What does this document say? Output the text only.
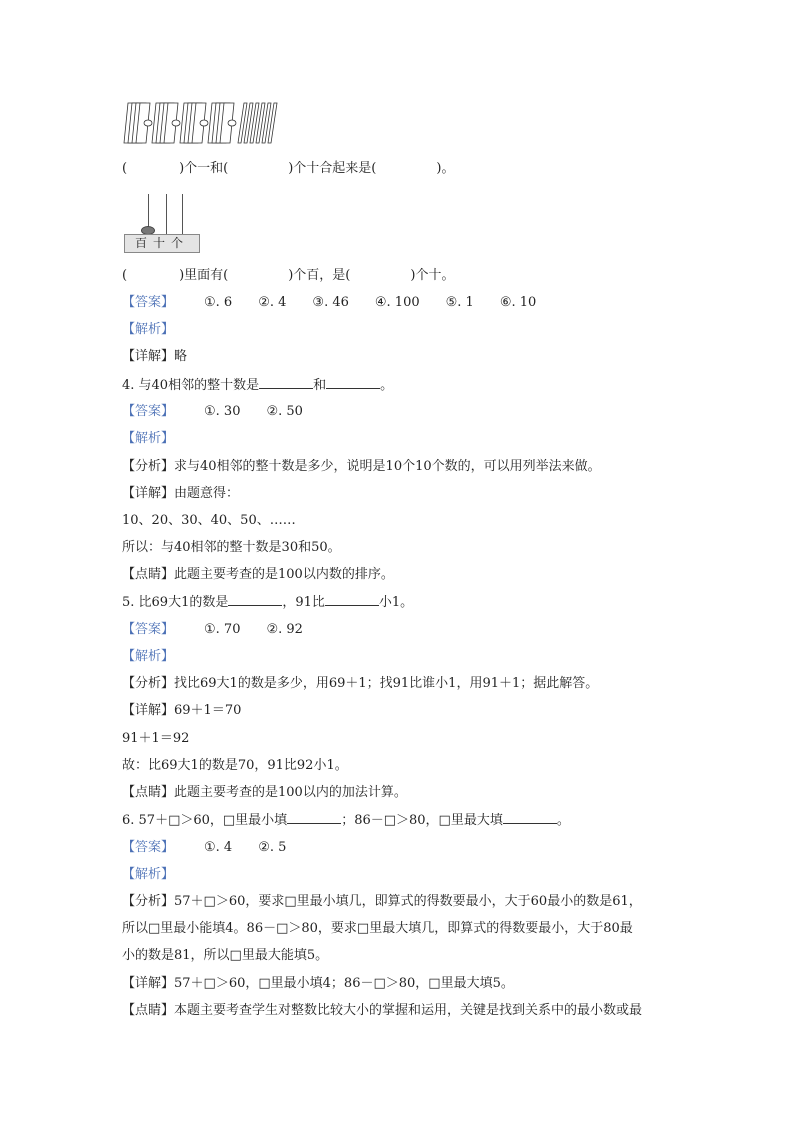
(	)个一和(	)个十合起来是(	)。
百十个
(	)里面有(	)个百，是(	)个十。
【答案】 ①. 6 ②. 4 ③. 46 ④. 100 ⑤. 1 ⑥. 10
【解析】
【详解】略
4. 与40相邻的整十数是	和	。
【答案】 ①. 30 ②. 50
【解析】
【分析】求与40相邻的整十数是多少，说明是10个10个数的，可以用列举法来做。
【详解】由题意得：
10、20、30、40、50、……
所以：与40相邻的整十数是30和50。
【点睛】此题主要考查的是100以内数的排序。
5. 比69大1的数是	，91比	小1。
【答案】 ①. 70 ②. 92
【解析】
【分析】找比69大1的数是多少，用69＋1；找91比谁小1，用91＋1；据此解答。
【详解】69＋1＝70
91＋1＝92
故：比69大1的数是70，91比92小1。
【点睛】此题主要考查的是100以内的加法计算。
6. 57＋□＞60，□里最小填	；86－□＞80，□里最大填	。
【答案】 ①. 4 ②. 5
【解析】
【分析】57＋□＞60，要求□里最小填几，即算式的得数要最小，大于60最小的数是61，
所以□里最小能填4。86－□＞80，要求□里最大填几，即算式的得数要最小，大于80最
小的数是81，所以□里最大能填5。
【详解】57＋□＞60，□里最小填4；86－□＞80，□里最大填5。
【点睛】本题主要考查学生对整数比较大小的掌握和运用，关键是找到关系中的最小数或最
